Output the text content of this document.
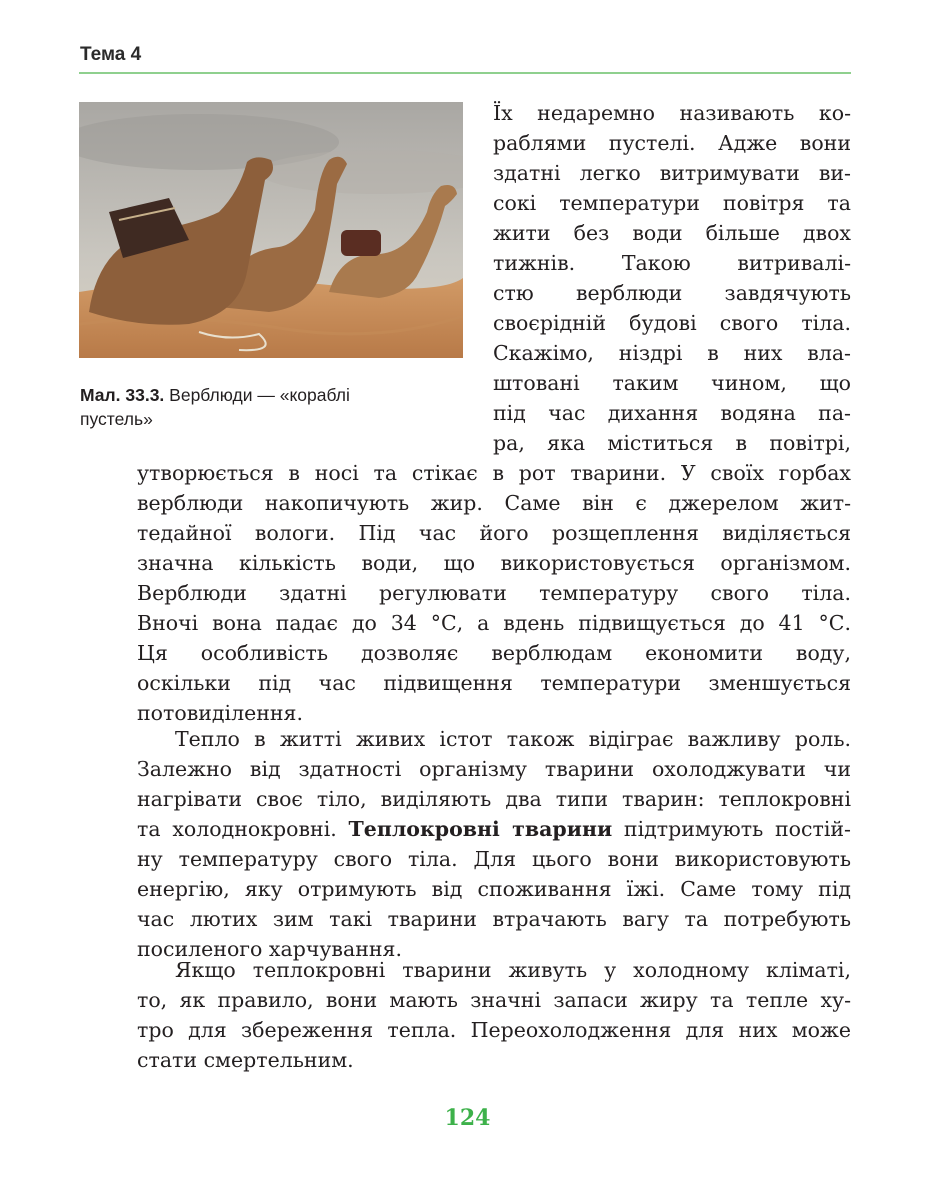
Тема 4
Мал. 33.3. Верблюди — «кораблі
пустель»
Їх недаремно називають ко-
раблями пустелі. Адже вони
здатні легко витримувати ви-
сокі температури повітря та
жити без води більше двох
тижнів. Такою витривалі-
стю верблюди завдячують
своєрідній будові свого тіла.
Скажімо, ніздрі в них вла-
штовані таким чином, що
під час дихання водяна па-
ра, яка міститься в повітрі,
утворюється в носі та стікає в рот тварини. У своїх горбах
верблюди накопичують жир. Саме він є джерелом жит-
тедайної вологи. Під час його розщеплення виділяється
значна кількість води, що використовується організмом.
Верблюди здатні регулювати температуру свого тіла.
Вночі вона падає до 34 °С, а вдень підвищується до 41 °С.
Ця особливість дозволяє верблюдам економити воду,
оскільки під час підвищення температури зменшується
потовиділення.
Тепло в житті живих істот також відіграє важливу роль.
Залежно від здатності організму тварини охолоджувати чи
нагрівати своє тіло, виділяють два типи тварин: теплокровні
та холоднокровні. Теплокровні тварини підтримують постій-
ну температуру свого тіла. Для цього вони використовують
енергію, яку отримують від споживання їжі. Саме тому під
час лютих зим такі тварини втрачають вагу та потребують
посиленого харчування.
Якщо теплокровні тварини живуть у холодному кліматі,
то, як правило, вони мають значні запаси жиру та тепле ху-
тро для збереження тепла. Переохолодження для них може
стати смертельним.
124
